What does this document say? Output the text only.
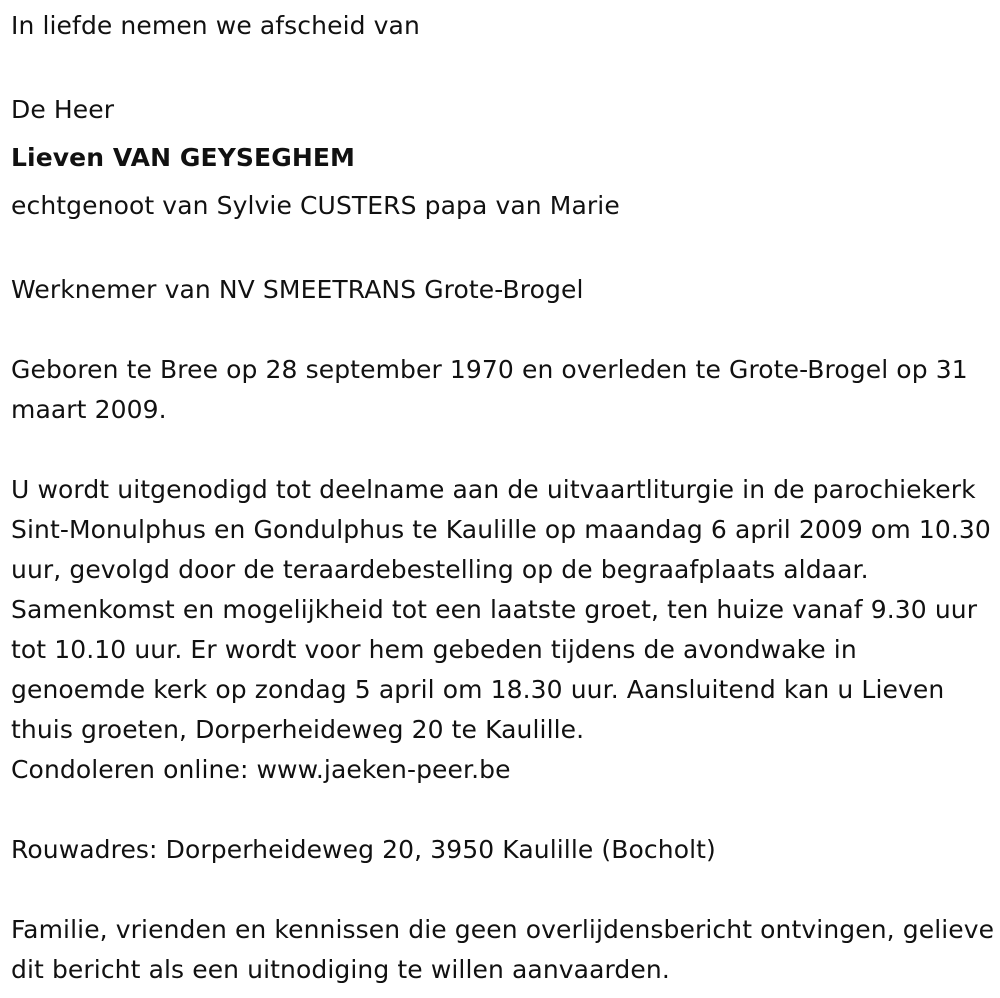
In liefde nemen we afscheid van

De Heer

Lieven VAN GEYSEGHEM

echtgenoot van Sylvie CUSTERS papa van Marie

Werknemer van NV SMEETRANS Grote-Brogel

Geboren te Bree op 28 september 1970 en overleden te Grote-Brogel op 31 maart 2009.

U wordt uitgenodigd tot deelname aan de uitvaartliturgie in de parochiekerk Sint-Monulphus en Gondulphus te Kaulille op maandag 6 april 2009 om 10.30 uur, gevolgd door de teraardebestelling op de begraafplaats aldaar. Samenkomst en mogelijkheid tot een laatste groet, ten huize vanaf 9.30 uur tot 10.10 uur. Er wordt voor hem gebeden tijdens de avondwake in genoemde kerk op zondag 5 april om 18.30 uur. Aansluitend kan u Lieven thuis groeten, Dorperheideweg 20 te Kaulille.

Condoleren online: www.jaeken-peer.be

Rouwadres: Dorperheideweg 20, 3950 Kaulille (Bocholt)

Familie, vrienden en kennissen die geen overlijdensbericht ontvingen, gelieve dit bericht als een uitnodiging te willen aanvaarden.
